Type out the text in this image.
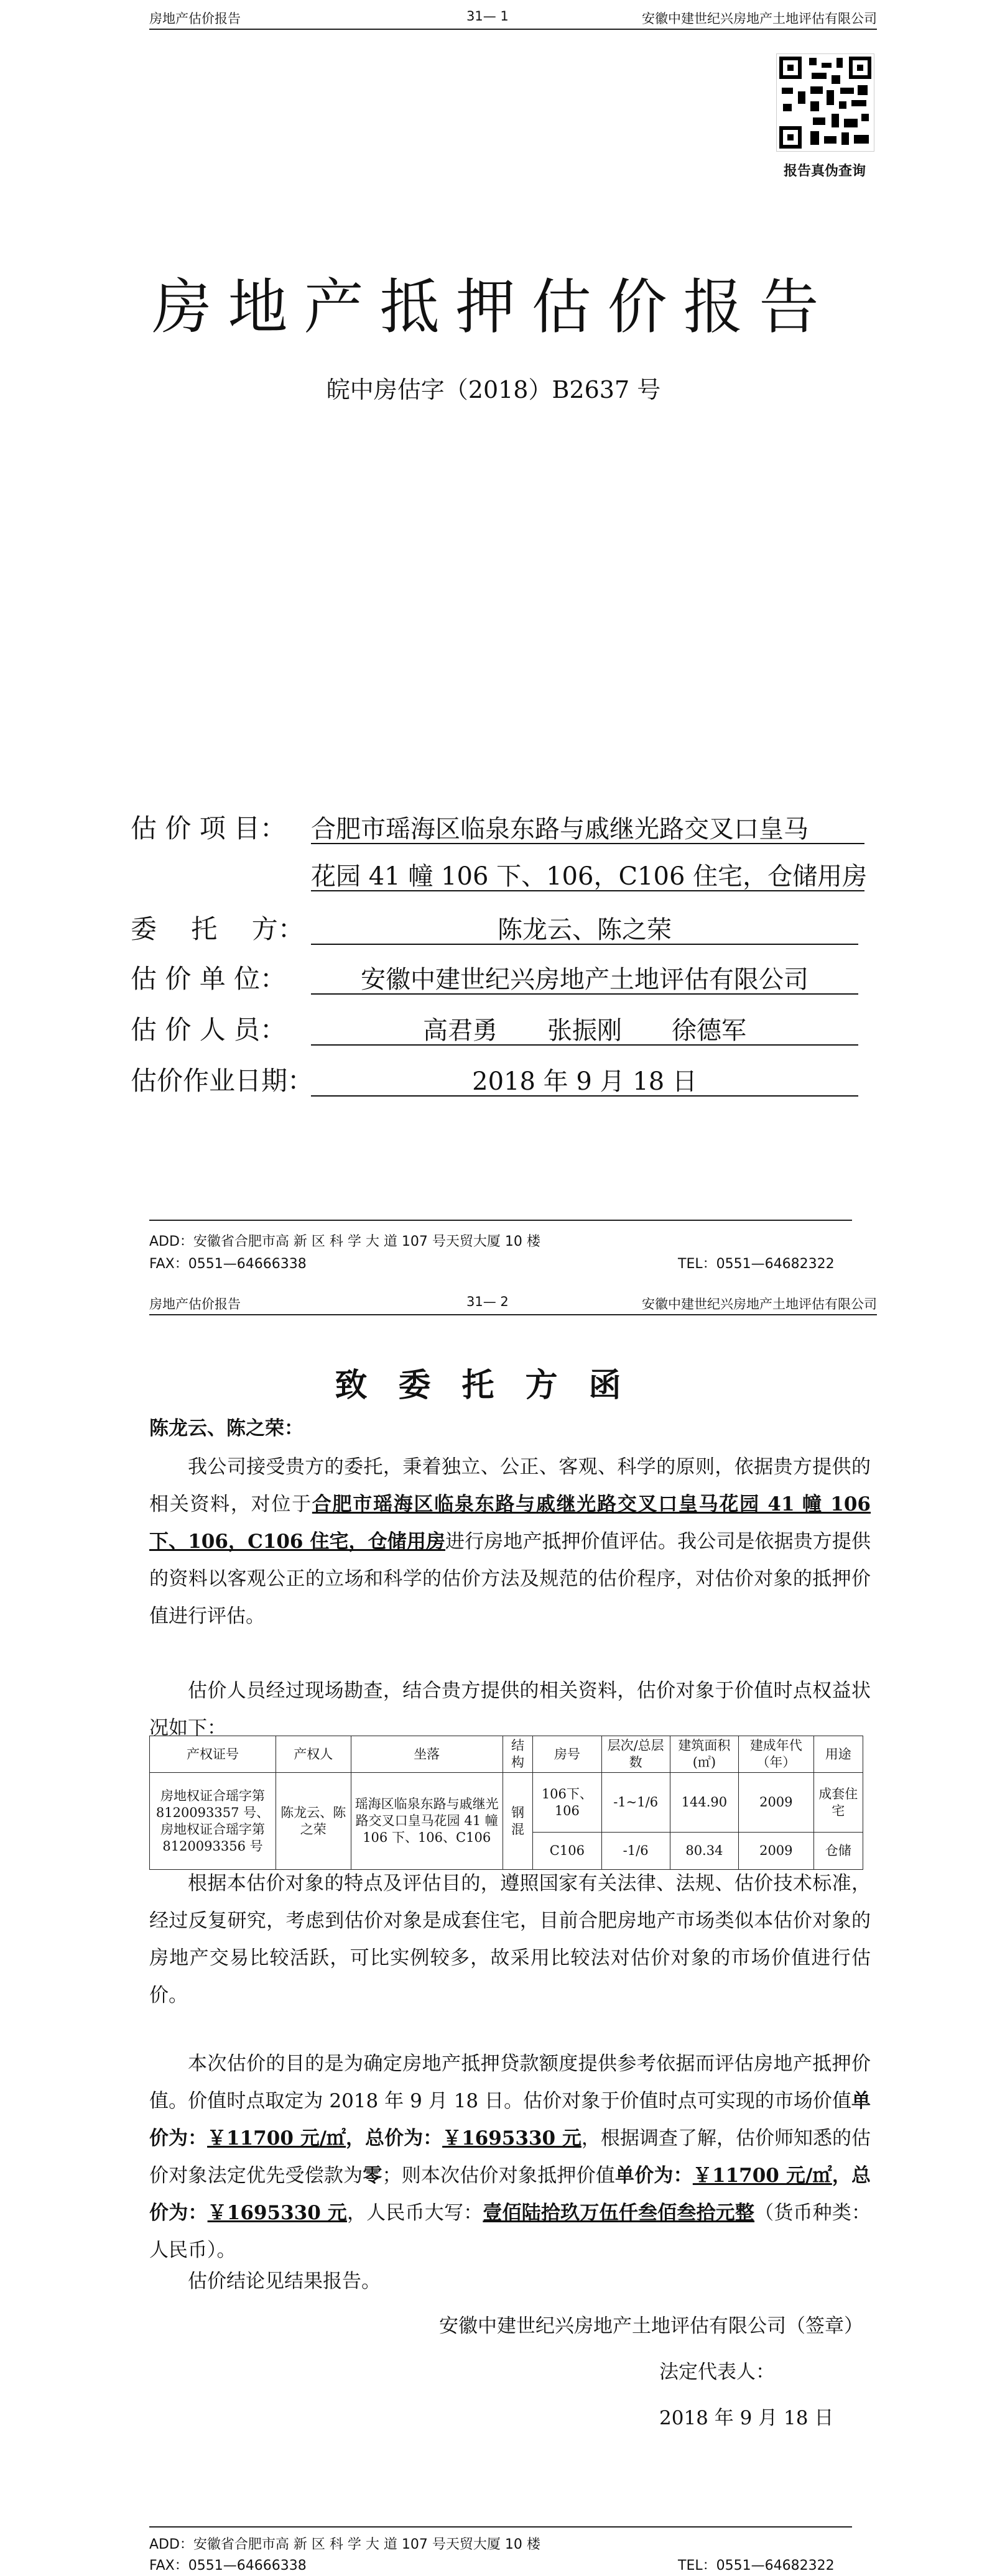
房地产估价报告	31— 1	安徽中建世纪兴房地产土地评估有限公司
报告真伪查询
房地产抵押估价报告
皖中房估字（2018）B2637 号
估 价 项 目： 合肥市瑶海区临泉东路与戚继光路交叉口皇马
花园 41 幢 106 下、106，C106 住宅，仓储用房
委　 托 　方：	陈龙云、陈之荣
估 价 单 位：	安徽中建世纪兴房地产土地评估有限公司
估 价 人 员：	高君勇　　张振刚　　徐德军
估价作业日期：	2018 年 9 月 18 日
ADD：安徽省合肥市高 新 区 科 学 大 道 107 号天贸大厦 10 楼
FAX：0551—64666338	TEL：0551—64682322
房地产估价报告	31— 2	安徽中建世纪兴房地产土地评估有限公司
致委托方函
陈龙云、陈之荣：
我公司接受贵方的委托，秉着独立、公正、客观、科学的原则，依据贵方提供的相关资料，对位于合肥市瑶海区临泉东路与戚继光路交叉口皇马花园 41 幢 106 下、106，C106 住宅，仓储用房进行房地产抵押价值评估。我公司是依据贵方提供的资料以客观公正的立场和科学的估价方法及规范的估价程序，对估价对象的抵押价值进行评估。
估价人员经过现场勘查，结合贵方提供的相关资料，估价对象于价值时点权益状况如下：
产权证号	产权人	坐落	结构	房号	层次/总层数	建筑面积(㎡)	建成年代（年）	用途
房地权证合瑶字第 8120093357 号、房地权证合瑶字第 8120093356 号	陈龙云、陈之荣	瑶海区临泉东路与戚继光路交叉口皇马花园 41 幢 106 下、106、C106	钢混	106下、106	-1~1/6	144.90	2009	成套住宅
				C106	-1/6	80.34	2009	仓储
根据本估价对象的特点及评估目的，遵照国家有关法律、法规、估价技术标准，经过反复研究，考虑到估价对象是成套住宅，目前合肥房地产市场类似本估价对象的房地产交易比较活跃，可比实例较多，故采用比较法对估价对象的市场价值进行估价。
本次估价的目的是为确定房地产抵押贷款额度提供参考依据而评估房地产抵押价值。价值时点取定为 2018 年 9 月 18 日。估价对象于价值时点可实现的市场价值单价为：￥11700 元/㎡，总价为：￥1695330 元，根据调查了解，估价师知悉的估价对象法定优先受偿款为零；则本次估价对象抵押价值单价为：￥11700 元/㎡，总价为：￥1695330 元，人民币大写：壹佰陆拾玖万伍仟叁佰叁拾元整（货币种类：人民币）。
估价结论见结果报告。
安徽中建世纪兴房地产土地评估有限公司（签章）
法定代表人：
2018 年 9 月 18 日
ADD：安徽省合肥市高 新 区 科 学 大 道 107 号天贸大厦 10 楼
FAX：0551—64666338	TEL：0551—64682322
